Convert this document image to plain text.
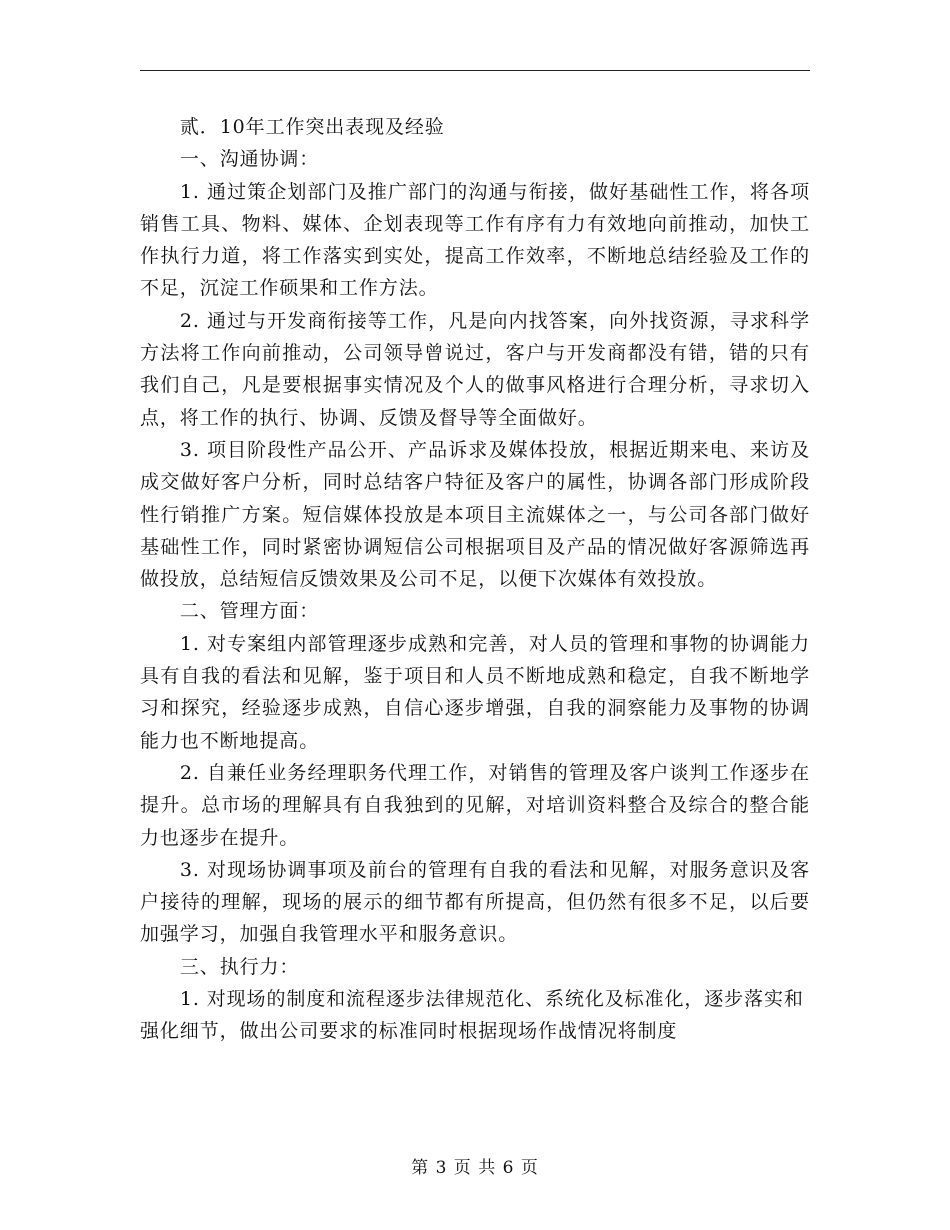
贰．10年工作突出表现及经验

一、沟通协调：

1. 通过策企划部门及推广部门的沟通与衔接，做好基础性工作，将各项销售工具、物料、媒体、企划表现等工作有序有力有效地向前推动，加快工作执行力道，将工作落实到实处，提高工作效率，不断地总结经验及工作的不足，沉淀工作硕果和工作方法。

2. 通过与开发商衔接等工作，凡是向内找答案，向外找资源，寻求科学方法将工作向前推动，公司领导曾说过，客户与开发商都没有错，错的只有我们自己，凡是要根据事实情况及个人的做事风格进行合理分析，寻求切入点，将工作的执行、协调、反馈及督导等全面做好。

3. 项目阶段性产品公开、产品诉求及媒体投放，根据近期来电、来访及成交做好客户分析，同时总结客户特征及客户的属性，协调各部门形成阶段性行销推广方案。短信媒体投放是本项目主流媒体之一，与公司各部门做好基础性工作，同时紧密协调短信公司根据项目及产品的情况做好客源筛选再做投放，总结短信反馈效果及公司不足，以便下次媒体有效投放。

二、管理方面：

1. 对专案组内部管理逐步成熟和完善，对人员的管理和事物的协调能力具有自我的看法和见解，鉴于项目和人员不断地成熟和稳定，自我不断地学习和探究，经验逐步成熟，自信心逐步增强，自我的洞察能力及事物的协调能力也不断地提高。

2. 自兼任业务经理职务代理工作，对销售的管理及客户谈判工作逐步在提升。总市场的理解具有自我独到的见解，对培训资料整合及综合的整合能力也逐步在提升。

3. 对现场协调事项及前台的管理有自我的看法和见解，对服务意识及客户接待的理解，现场的展示的细节都有所提高，但仍然有很多不足，以后要加强学习，加强自我管理水平和服务意识。

三、执行力：

1. 对现场的制度和流程逐步法律规范化、系统化及标准化，逐步落实和强化细节，做出公司要求的标准同时根据现场作战情况将制度

第 3 页 共 6 页
